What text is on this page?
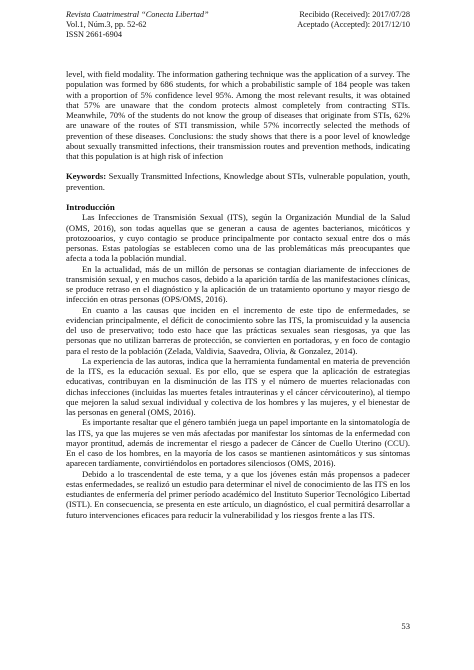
Revista Cuatrimestral “Conecta Libertad”
Vol.1, Núm.3, pp. 52-62
ISSN 2661-6904
Recibido (Received): 2017/07/28
Aceptado (Accepted): 2017/12/10

level, with field modality. The information gathering technique was the application of a survey. The population was formed by 686 students, for which a probabilistic sample of 184 people was taken with a proportion of 5% confidence level 95%. Among the most relevant results, it was obtained that 57% are unaware that the condom protects almost completely from contracting STIs. Meanwhile, 70% of the students do not know the group of diseases that originate from STIs, 62% are unaware of the routes of STI transmission, while 57% incorrectly selected the methods of prevention of these diseases. Conclusions: the study shows that there is a poor level of knowledge about sexually transmitted infections, their transmission routes and prevention methods, indicating that this population is at high risk of infection

Keywords: Sexually Transmitted Infections, Knowledge about STIs, vulnerable population, youth, prevention.

Introducción

Las Infecciones de Transmisión Sexual (ITS), según la Organización Mundial de la Salud (OMS, 2016), son todas aquellas que se generan a causa de agentes bacterianos, micóticos y protozooarios, y cuyo contagio se produce principalmente por contacto sexual entre dos o más personas. Estas patologías se establecen como una de las problemáticas más preocupantes que afecta a toda la población mundial.

En la actualidad, más de un millón de personas se contagian diariamente de infecciones de transmisión sexual, y en muchos casos, debido a la aparición tardía de las manifestaciones clínicas, se produce retraso en el diagnóstico y la aplicación de un tratamiento oportuno y mayor riesgo de infección en otras personas (OPS/OMS, 2016).

En cuanto a las causas que inciden en el incremento de este tipo de enfermedades, se evidencian principalmente, el déficit de conocimiento sobre las ITS, la promiscuidad y la ausencia del uso de preservativo; todo esto hace que las prácticas sexuales sean riesgosas, ya que las personas que no utilizan barreras de protección, se convierten en portadoras, y en foco de contagio para el resto de la población (Zelada, Valdivia, Saavedra, Olivia, & Gonzalez, 2014).

La experiencia de las autoras, indica que la herramienta fundamental en materia de prevención de la ITS, es la educación sexual. Es por ello, que se espera que la aplicación de estrategias educativas, contribuyan en la disminución de las ITS y el número de muertes relacionadas con dichas infecciones (incluidas las muertes fetales intrauterinas y el cáncer cérvicouterino), al tiempo que mejoren la salud sexual individual y colectiva de los hombres y las mujeres, y el bienestar de las personas en general (OMS, 2016).

Es importante resaltar que el género también juega un papel importante en la sintomatología de las ITS, ya que las mujeres se ven más afectadas por manifestar los síntomas de la enfermedad con mayor prontitud, además de incrementar el riesgo a padecer de Cáncer de Cuello Uterino (CCU). En el caso de los hombres, en la mayoría de los casos se mantienen asintomáticos y sus síntomas aparecen tardíamente, convirtiéndolos en portadores silenciosos (OMS, 2016).

Debido a lo trascendental de este tema, y a que los jóvenes están más propensos a padecer estas enfermedades, se realizó un estudio para determinar el nivel de conocimiento de las ITS en los estudiantes de enfermería del primer período académico del Instituto Superior Tecnológico Libertad (ISTL). En consecuencia, se presenta en este artículo, un diagnóstico, el cual permitirá desarrollar a futuro intervenciones eficaces para reducir la vulnerabilidad y los riesgos frente a las ITS.

53
